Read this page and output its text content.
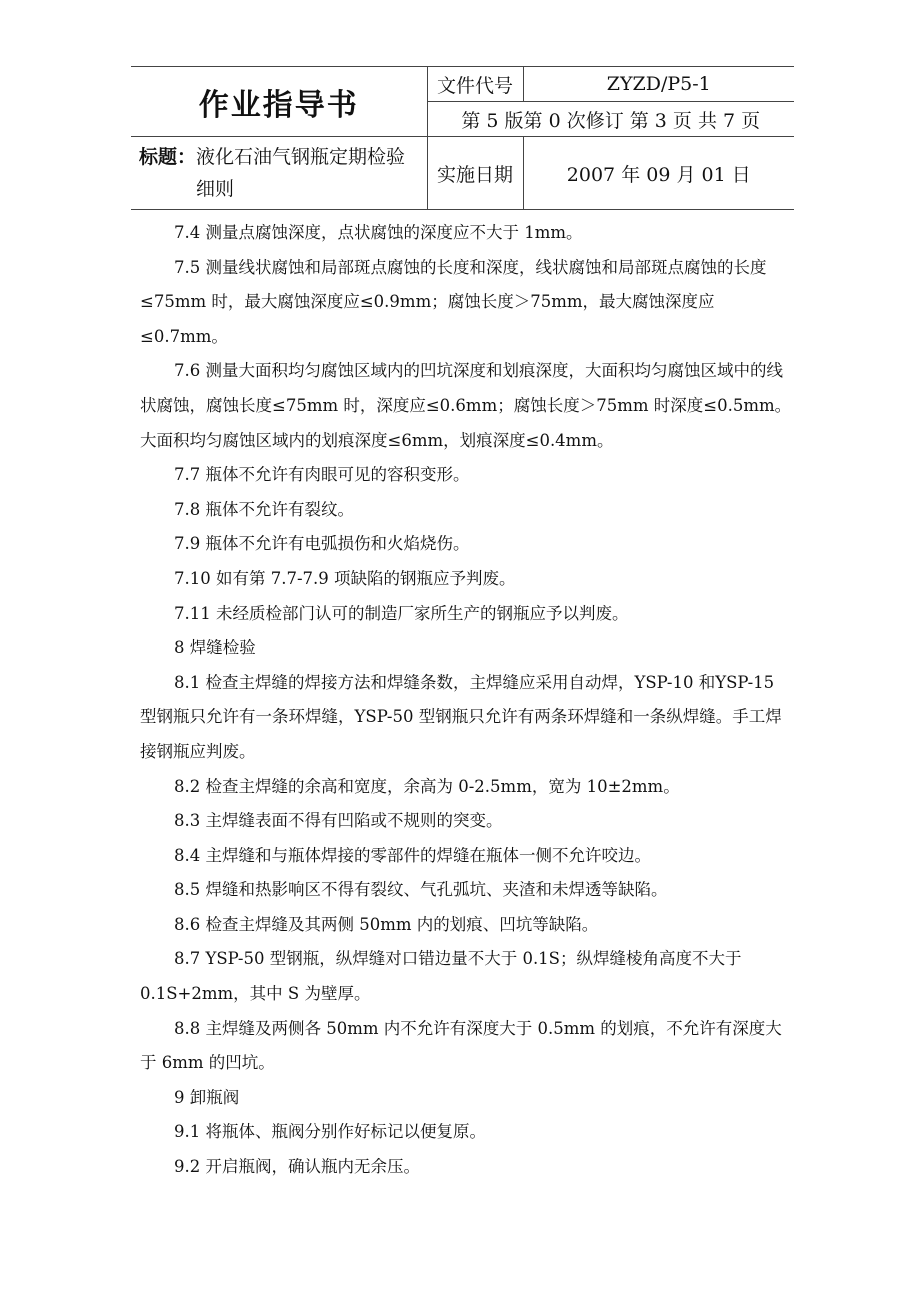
作业指导书	文件代号	ZYZD/P5-1
	第 5 版第 0 次修订 第 3 页 共 7 页	

标题： 液化石油气钢瓶定期检验细则	实施日期	2007 年 09 月 01 日

7.4 测量点腐蚀深度，点状腐蚀的深度应不大于 1mm。

7.5 测量线状腐蚀和局部斑点腐蚀的长度和深度，线状腐蚀和局部斑点腐蚀的长度≤75mm 时，最大腐蚀深度应≤0.9mm；腐蚀长度＞75mm，最大腐蚀深度应≤0.7mm。

7.6 测量大面积均匀腐蚀区域内的凹坑深度和划痕深度，大面积均匀腐蚀区域中的线状腐蚀，腐蚀长度≤75mm 时，深度应≤0.6mm；腐蚀长度＞75mm 时深度≤0.5mm。大面积均匀腐蚀区域内的划痕深度≤6mm，划痕深度≤0.4mm。

7.7 瓶体不允许有肉眼可见的容积变形。

7.8 瓶体不允许有裂纹。

7.9 瓶体不允许有电弧损伤和火焰烧伤。

7.10 如有第 7.7-7.9 项缺陷的钢瓶应予判废。

7.11 未经质检部门认可的制造厂家所生产的钢瓶应予以判废。

8 焊缝检验

8.1 检查主焊缝的焊接方法和焊缝条数，主焊缝应采用自动焊，YSP-10 和YSP-15 型钢瓶只允许有一条环焊缝，YSP-50 型钢瓶只允许有两条环焊缝和一条纵焊缝。手工焊接钢瓶应判废。

8.2 检查主焊缝的余高和宽度，余高为 0-2.5mm，宽为 10±2mm。

8.3 主焊缝表面不得有凹陷或不规则的突变。

8.4 主焊缝和与瓶体焊接的零部件的焊缝在瓶体一侧不允许咬边。

8.5 焊缝和热影响区不得有裂纹、气孔弧坑、夹渣和未焊透等缺陷。

8.6 检查主焊缝及其两侧 50mm 内的划痕、凹坑等缺陷。

8.7 YSP-50 型钢瓶，纵焊缝对口错边量不大于 0.1S；纵焊缝棱角高度不大于 0.1S+2mm，其中 S 为壁厚。

8.8 主焊缝及两侧各 50mm 内不允许有深度大于 0.5mm 的划痕，不允许有深度大于 6mm 的凹坑。

9 卸瓶阀

9.1 将瓶体、瓶阀分别作好标记以便复原。

9.2 开启瓶阀，确认瓶内无余压。
